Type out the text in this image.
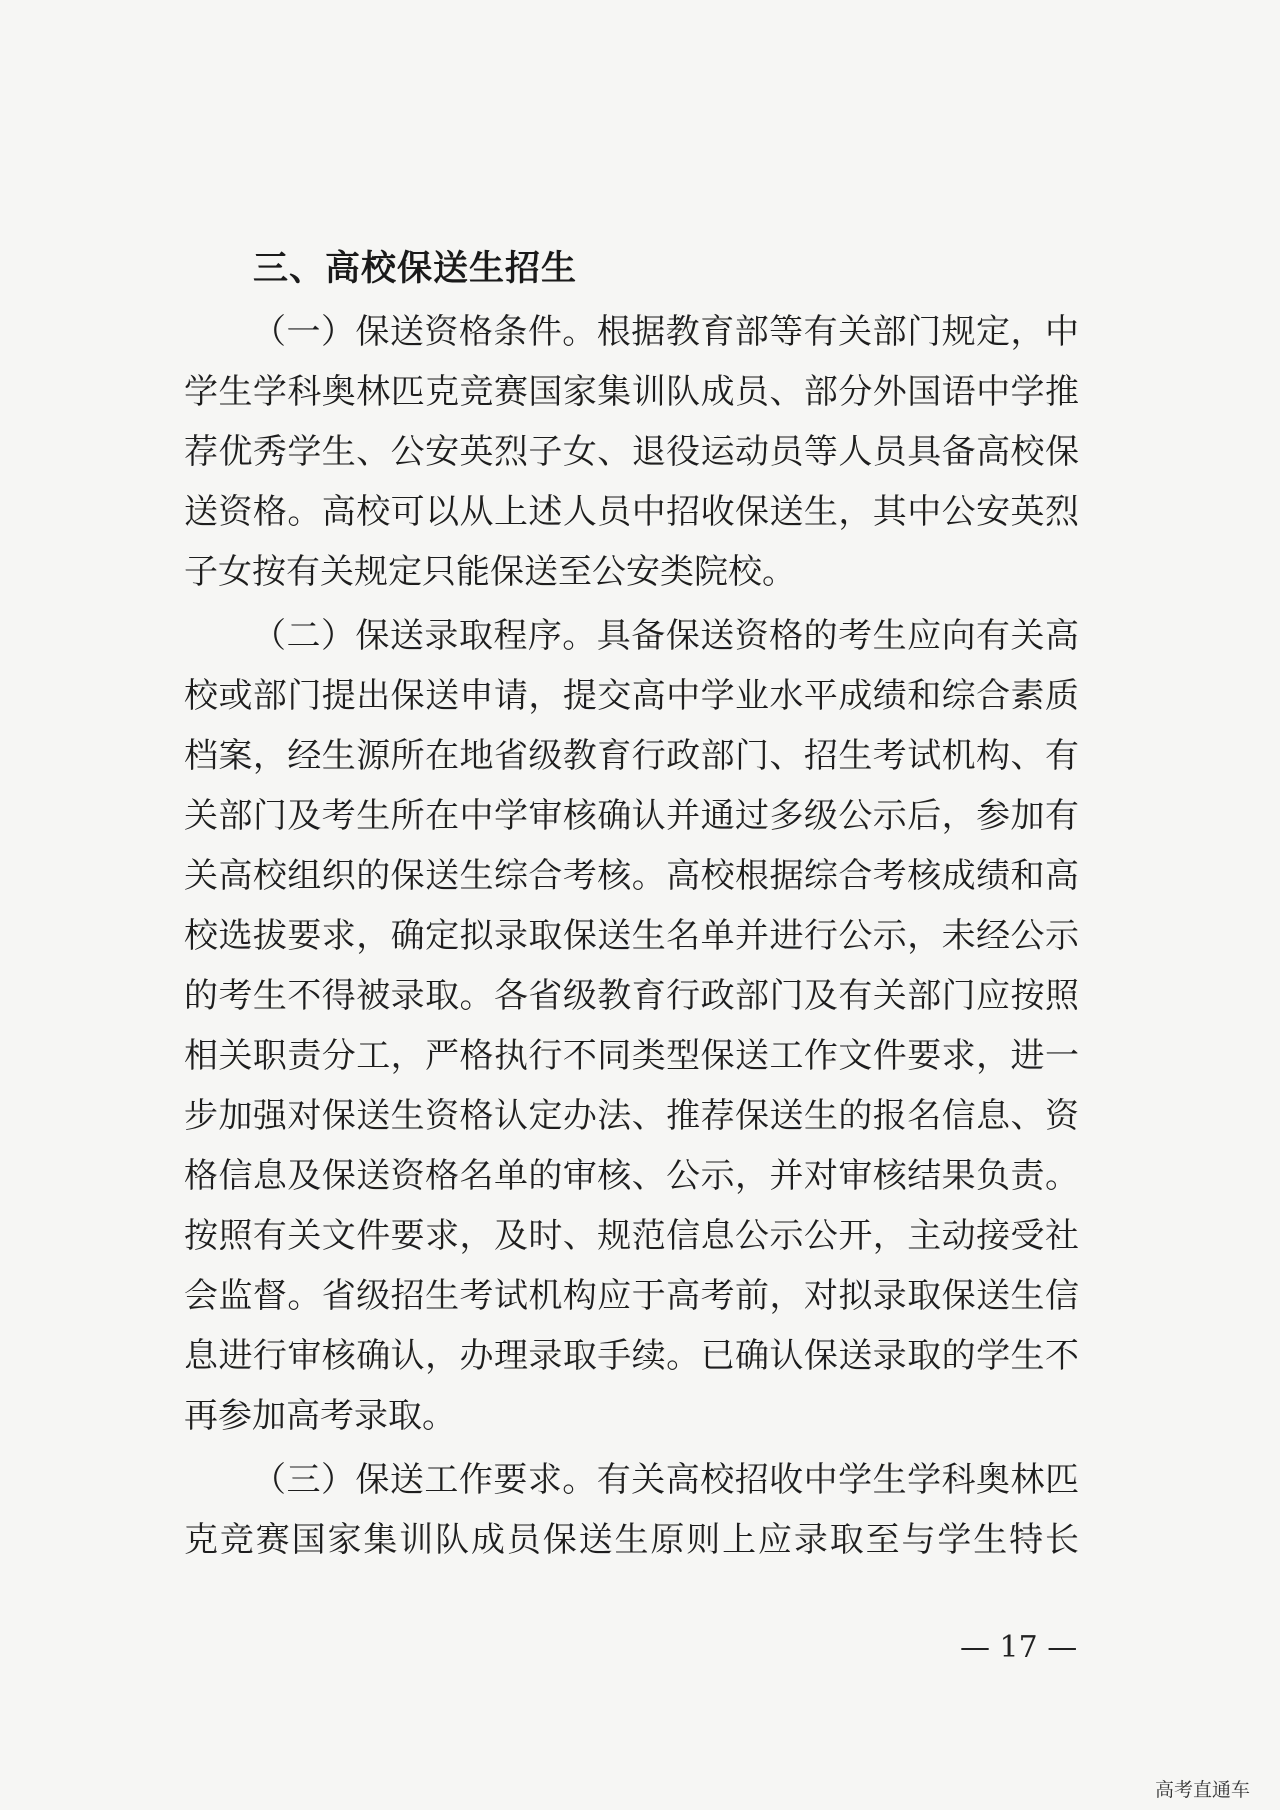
三、高校保送生招生
（一）保送资格条件。根据教育部等有关部门规定，中
学生学科奥林匹克竞赛国家集训队成员、部分外国语中学推
荐优秀学生、公安英烈子女、退役运动员等人员具备高校保
送资格。高校可以从上述人员中招收保送生，其中公安英烈
子女按有关规定只能保送至公安类院校。
（二）保送录取程序。具备保送资格的考生应向有关高
校或部门提出保送申请，提交高中学业水平成绩和综合素质
档案，经生源所在地省级教育行政部门、招生考试机构、有
关部门及考生所在中学审核确认并通过多级公示后，参加有
关高校组织的保送生综合考核。高校根据综合考核成绩和高
校选拔要求，确定拟录取保送生名单并进行公示，未经公示
的考生不得被录取。各省级教育行政部门及有关部门应按照
相关职责分工，严格执行不同类型保送工作文件要求，进一
步加强对保送生资格认定办法、推荐保送生的报名信息、资
格信息及保送资格名单的审核、公示，并对审核结果负责。
按照有关文件要求，及时、规范信息公示公开，主动接受社
会监督。省级招生考试机构应于高考前，对拟录取保送生信
息进行审核确认，办理录取手续。已确认保送录取的学生不
再参加高考录取。
（三）保送工作要求。有关高校招收中学生学科奥林匹
克竞赛国家集训队成员保送生原则上应录取至与学生特长
— 17 —
高考直通车
